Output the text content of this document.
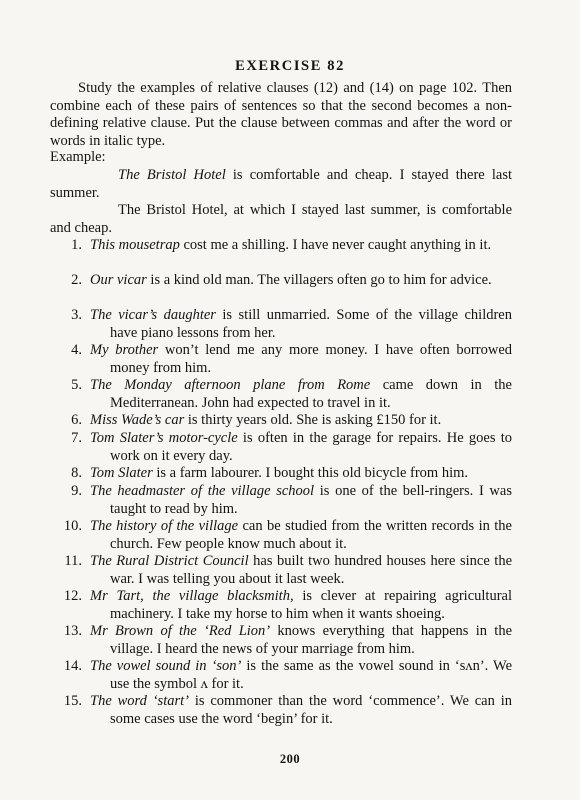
EXERCISE 82
Study the examples of relative clauses (12) and (14) on page 102. Then combine each of these pairs of sentences so that the second becomes a non-defining relative clause. Put the clause between commas and after the word or words in italic type.
Example:
The Bristol Hotel is comfortable and cheap. I stayed there last summer.
The Bristol Hotel, at which I stayed last summer, is comfortable and cheap.
1. This mousetrap cost me a shilling. I have never caught anything in it.
2. Our vicar is a kind old man. The villagers often go to him for advice.
3. The vicar’s daughter is still unmarried. Some of the village children have piano lessons from her.
4. My brother won’t lend me any more money. I have often borrowed money from him.
5. The Monday afternoon plane from Rome came down in the Mediterranean. John had expected to travel in it.
6. Miss Wade’s car is thirty years old. She is asking £150 for it.
7. Tom Slater’s motor-cycle is often in the garage for repairs. He goes to work on it every day.
8. Tom Slater is a farm labourer. I bought this old bicycle from him.
9. The headmaster of the village school is one of the bell-ringers. I was taught to read by him.
10. The history of the village can be studied from the written records in the church. Few people know much about it.
11. The Rural District Council has built two hundred houses here since the war. I was telling you about it last week.
12. Mr Tart, the village blacksmith, is clever at repairing agricultural machinery. I take my horse to him when it wants shoeing.
13. Mr Brown of the ‘Red Lion’ knows everything that happens in the village. I heard the news of your marriage from him.
14. The vowel sound in ‘son’ is the same as the vowel sound in ‘sʌn’. We use the symbol ʌ for it.
15. The word ‘start’ is commoner than the word ‘commence’. We can in some cases use the word ‘begin’ for it.
200
